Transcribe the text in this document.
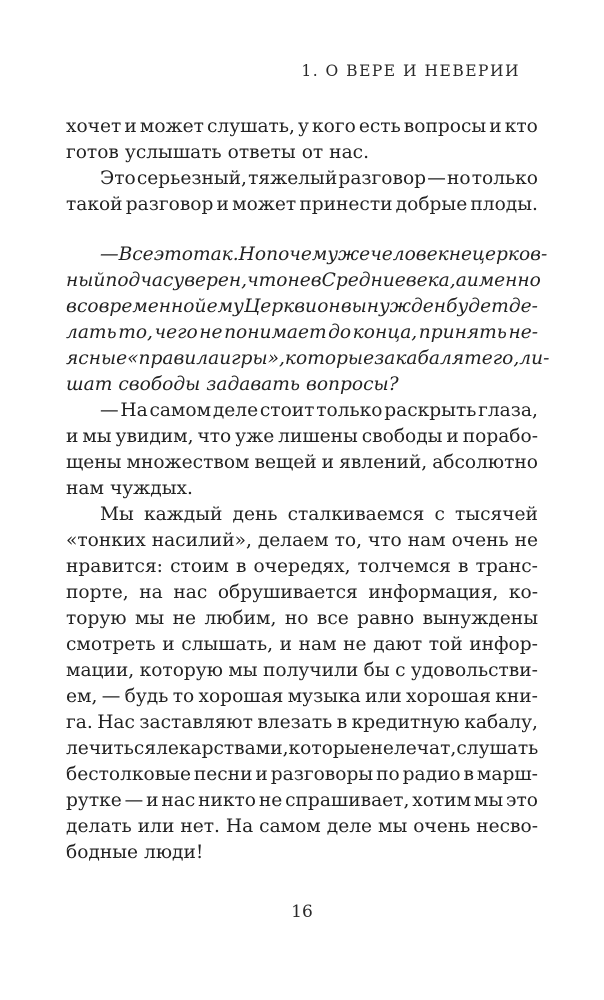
1. О ВЕРЕ И НЕВЕРИИ
хочет и может слушать, у кого есть вопросы и кто
готов услышать ответы от нас.
Это серьезный, тяжелый разговор — но только
такой разговор и может принести добрые плоды.
— Все это так. Но почему же человек нецерков-
ный подчас уверен, что не в Средние века, а именно
в современной ему Церкви он вынужден будет де-
лать то, чего не понимает до конца, принять не-
ясные «правила игры», которые закабалят его, ли-
шат свободы задавать вопросы?
— На самом деле стоит только раскрыть глаза,
и мы увидим, что уже лишены свободы и порабо-
щены множеством вещей и явлений, абсолютно
нам чуждых.
Мы каждый день сталкиваемся с тысячей
«тонких насилий», делаем то, что нам очень не
нравится: стоим в очередях, толчемся в транс-
порте, на нас обрушивается информация, ко-
торую мы не любим, но все равно вынуждены
смотреть и слышать, и нам не дают той инфор-
мации, которую мы получили бы с удовольстви-
ем, — будь то хорошая музыка или хорошая кни-
га. Нас заставляют влезать в кредитную кабалу,
лечиться лекарствами, которые не лечат, слушать
бестолковые песни и разговоры по радио в марш-
рутке — и нас никто не спрашивает, хотим мы это
делать или нет. На самом деле мы очень несво-
бодные люди!
16
